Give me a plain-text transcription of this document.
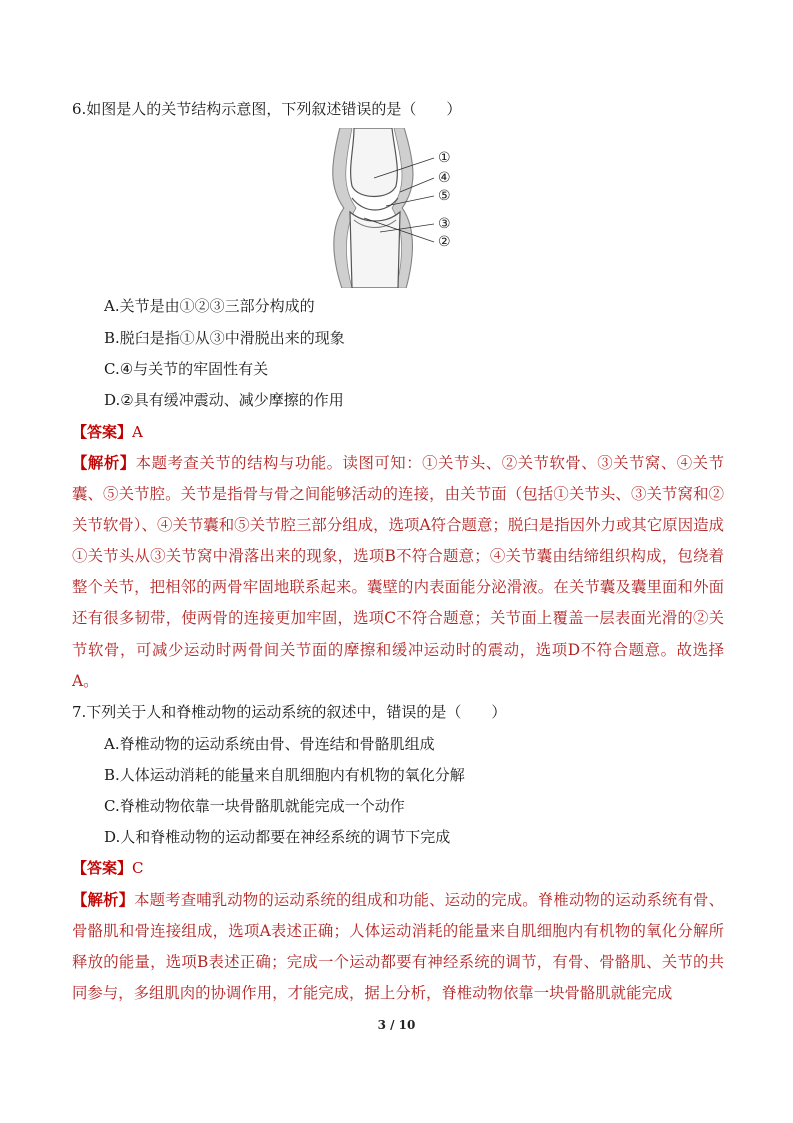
6.如图是人的关节结构示意图，下列叙述错误的是（　　）
①
④
⑤
③
②
A.关节是由①②③三部分构成的
B.脱臼是指①从③中滑脱出来的现象
C.④与关节的牢固性有关
D.②具有缓冲震动、减少摩擦的作用
【答案】A
【解析】本题考查关节的结构与功能。读图可知：①关节头、②关节软骨、③关节窝、④关节囊、⑤关节腔。关节是指骨与骨之间能够活动的连接，由关节面（包括①关节头、③关节窝和②关节软骨）、④关节囊和⑤关节腔三部分组成，选项A符合题意；脱臼是指因外力或其它原因造成①关节头从③关节窝中滑落出来的现象，选项B不符合题意；④关节囊由结缔组织构成，包绕着整个关节，把相邻的两骨牢固地联系起来。囊壁的内表面能分泌滑液。在关节囊及囊里面和外面还有很多韧带，使两骨的连接更加牢固，选项C不符合题意；关节面上覆盖一层表面光滑的②关节软骨，可减少运动时两骨间关节面的摩擦和缓冲运动时的震动，选项D不符合题意。故选择A。
7.下列关于人和脊椎动物的运动系统的叙述中，错误的是（　　）
A.脊椎动物的运动系统由骨、骨连结和骨骼肌组成
B.人体运动消耗的能量来自肌细胞内有机物的氧化分解
C.脊椎动物依靠一块骨骼肌就能完成一个动作
D.人和脊椎动物的运动都要在神经系统的调节下完成
【答案】C
【解析】本题考查哺乳动物的运动系统的组成和功能、运动的完成。脊椎动物的运动系统有骨、骨骼肌和骨连接组成，选项A表述正确；人体运动消耗的能量来自肌细胞内有机物的氧化分解所释放的能量，选项B表述正确；完成一个运动都要有神经系统的调节，有骨、骨骼肌、关节的共同参与，多组肌肉的协调作用，才能完成，据上分析，脊椎动物依靠一块骨骼肌就能完成
3 / 10
